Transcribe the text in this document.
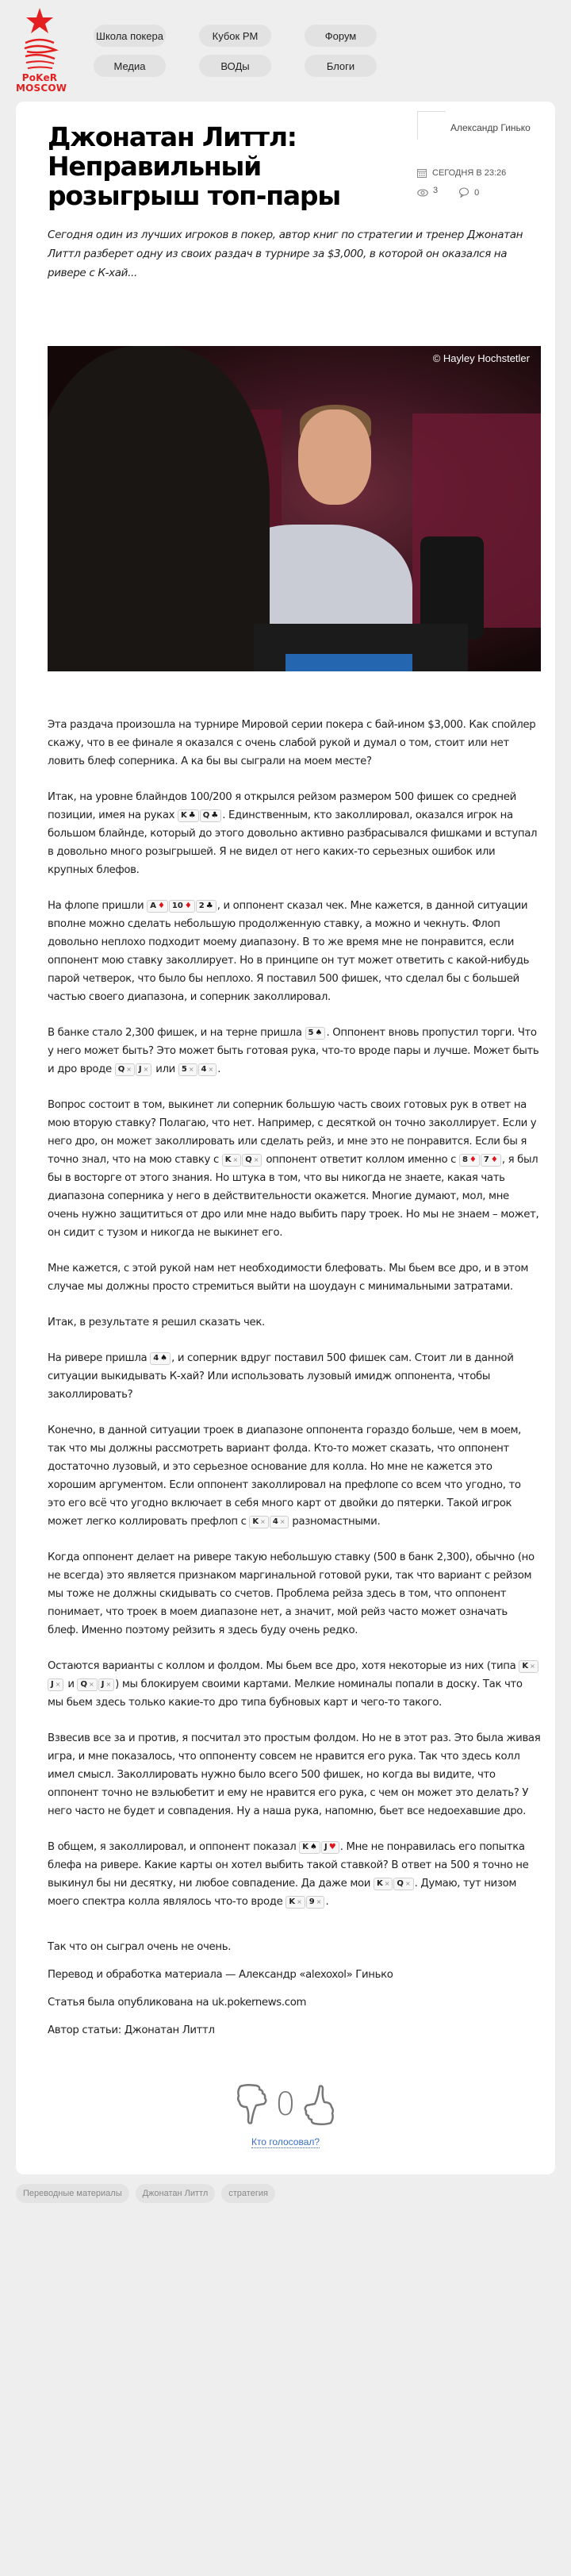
PoKeR
MOSCOW
Школа покера	Кубок PM	Форум
Медиа	ВОДы	Блоги
Джонатан Литтл: Неправильный розыгрыш топ-пары
Александр Гинько
СЕГОДНЯ В 23:26
3	0

Сегодня один из лучших игроков в покер, автор книг по стратегии и тренер Джонатан Литтл разберет одну из своих раздач в турнире за $3,000, в которой он оказался на ривере с К-хай...

© Hayley Hochstetler

Эта раздача произошла на турнире Мировой серии покера с бай-ином $3,000. Как спойлер скажу, что в ее финале я оказался с очень слабой рукой и думал о том, стоит или нет ловить блеф соперника. А ка бы вы сыграли на моем месте?

Итак, на уровне блайндов 100/200 я открылся рейзом размером 500 фишек со средней позиции, имея на руках K ♣ Q ♣ . Единственным, кто заколлировал, оказался игрок на большом блайнде, который до этого довольно активно разбрасывался фишками и вступал в довольно много розыгрышей. Я не видел от него каких-то серьезных ошибок или крупных блефов.

На флопе пришли A ♦ 10 ♦ 2 ♣ , и оппонент сказал чек. Мне кажется, в данной ситуации вполне можно сделать небольшую продолженную ставку, а можно и чекнуть. Флоп довольно неплохо подходит моему диапазону. В то же время мне не понравится, если оппонент мою ставку заколлирует. Но в принципе он тут может ответить с какой-нибудь парой четверок, что было бы неплохо. Я поставил 500 фишек, что сделал бы с большей частью своего диапазона, и соперник заколлировал.

В банке стало 2,300 фишек, и на терне пришла 5 ♠ . Оппонент вновь пропустил торги. Что у него может быть? Это может быть готовая рука, что-то вроде пары и лучше. Может быть и дро вроде Q × J × или 5 × 4 × .

Вопрос состоит в том, выкинет ли соперник большую часть своих готовых рук в ответ на мою вторую ставку? Полагаю, что нет. Например, с десяткой он точно заколлирует. Если у него дро, он может заколлировать или сделать рейз, и мне это не понравится. Если бы я точно знал, что на мою ставку с K × Q × оппонент ответит коллом именно с 8 ♦ 7 ♦ , я был бы в восторге от этого знания. Но штука в том, что вы никогда не знаете, какая чать диапазона соперника у него в действительности окажется. Многие думают, мол, мне очень нужно защититься от дро или мне надо выбить пару троек. Но мы не знаем – может, он сидит с тузом и никогда не выкинет его.

Мне кажется, с этой рукой нам нет необходимости блефовать. Мы бьем все дро, и в этом случае мы должны просто стремиться выйти на шоудаун с минимальными затратами.

Итак, в результате я решил сказать чек.

На ривере пришла 4 ♠ , и соперник вдруг поставил 500 фишек сам. Стоит ли в данной ситуации выкидывать К-хай? Или использовать лузовый имидж оппонента, чтобы заколлировать?

Конечно, в данной ситуации троек в диапазоне оппонента гораздо больше, чем в моем, так что мы должны рассмотреть вариант фолда. Кто-то может сказать, что оппонент достаточно лузовый, и это серьезное основание для колла. Но мне не кажется это хорошим аргументом. Если оппонент заколлировал на префлопе со всем что угодно, то это его всё что угодно включает в себя много карт от двойки до пятерки. Такой игрок может легко коллировать префлоп с K × 4 × разномастными.

Когда оппонент делает на ривере такую небольшую ставку (500 в банк 2,300), обычно (но не всегда) это является признаком маргинальной готовой руки, так что вариант с рейзом мы тоже не должны скидывать со счетов. Проблема рейза здесь в том, что оппонент понимает, что троек в моем диапазоне нет, а значит, мой рейз часто может означать блеф. Именно поэтому рейзить я здесь буду очень редко.

Остаются варианты с коллом и фолдом. Мы бьем все дро, хотя некоторые из них (типа K ×J × и Q × J × ) мы блокируем своими картами. Мелкие номиналы попали в доску. Так что мы бьем здесь только какие-то дро типа бубновых карт и чего-то такого.

Взвесив все за и против, я посчитал это простым фолдом. Но не в этот раз. Это была живая игра, и мне показалось, что оппоненту совсем не нравится его рука. Так что здесь колл имел смысл. Заколлировать нужно было всего 500 фишек, но когда вы видите, что оппонент точно не вэльюбетит и ему не нравится его рука, с чем он может это делать? У него часто не будет и совпадения. Ну а наша рука, напомню, бьет все недоехавшие дро.

В общем, я заколлировал, и оппонент показал K ♠ J ♥ . Мне не понравилась его попытка блефа на ривере. Какие карты он хотел выбить такой ставкой? В ответ на 500 я точно не выкинул бы ни десятку, ни любое совпадение. Да даже мои K × Q × . Думаю, тут низом моего спектра колла являлось что-то вроде K × 9 × .

Так что он сыграл очень не очень.

Перевод и обработка материала — Александр «alexoxol» Гинько

Статья была опубликована на uk.pokernews.com

Автор статьи: Джонатан Литтл

0
Кто голосовал?
Переводные материалы	Джонатан Литтл	стратегия
